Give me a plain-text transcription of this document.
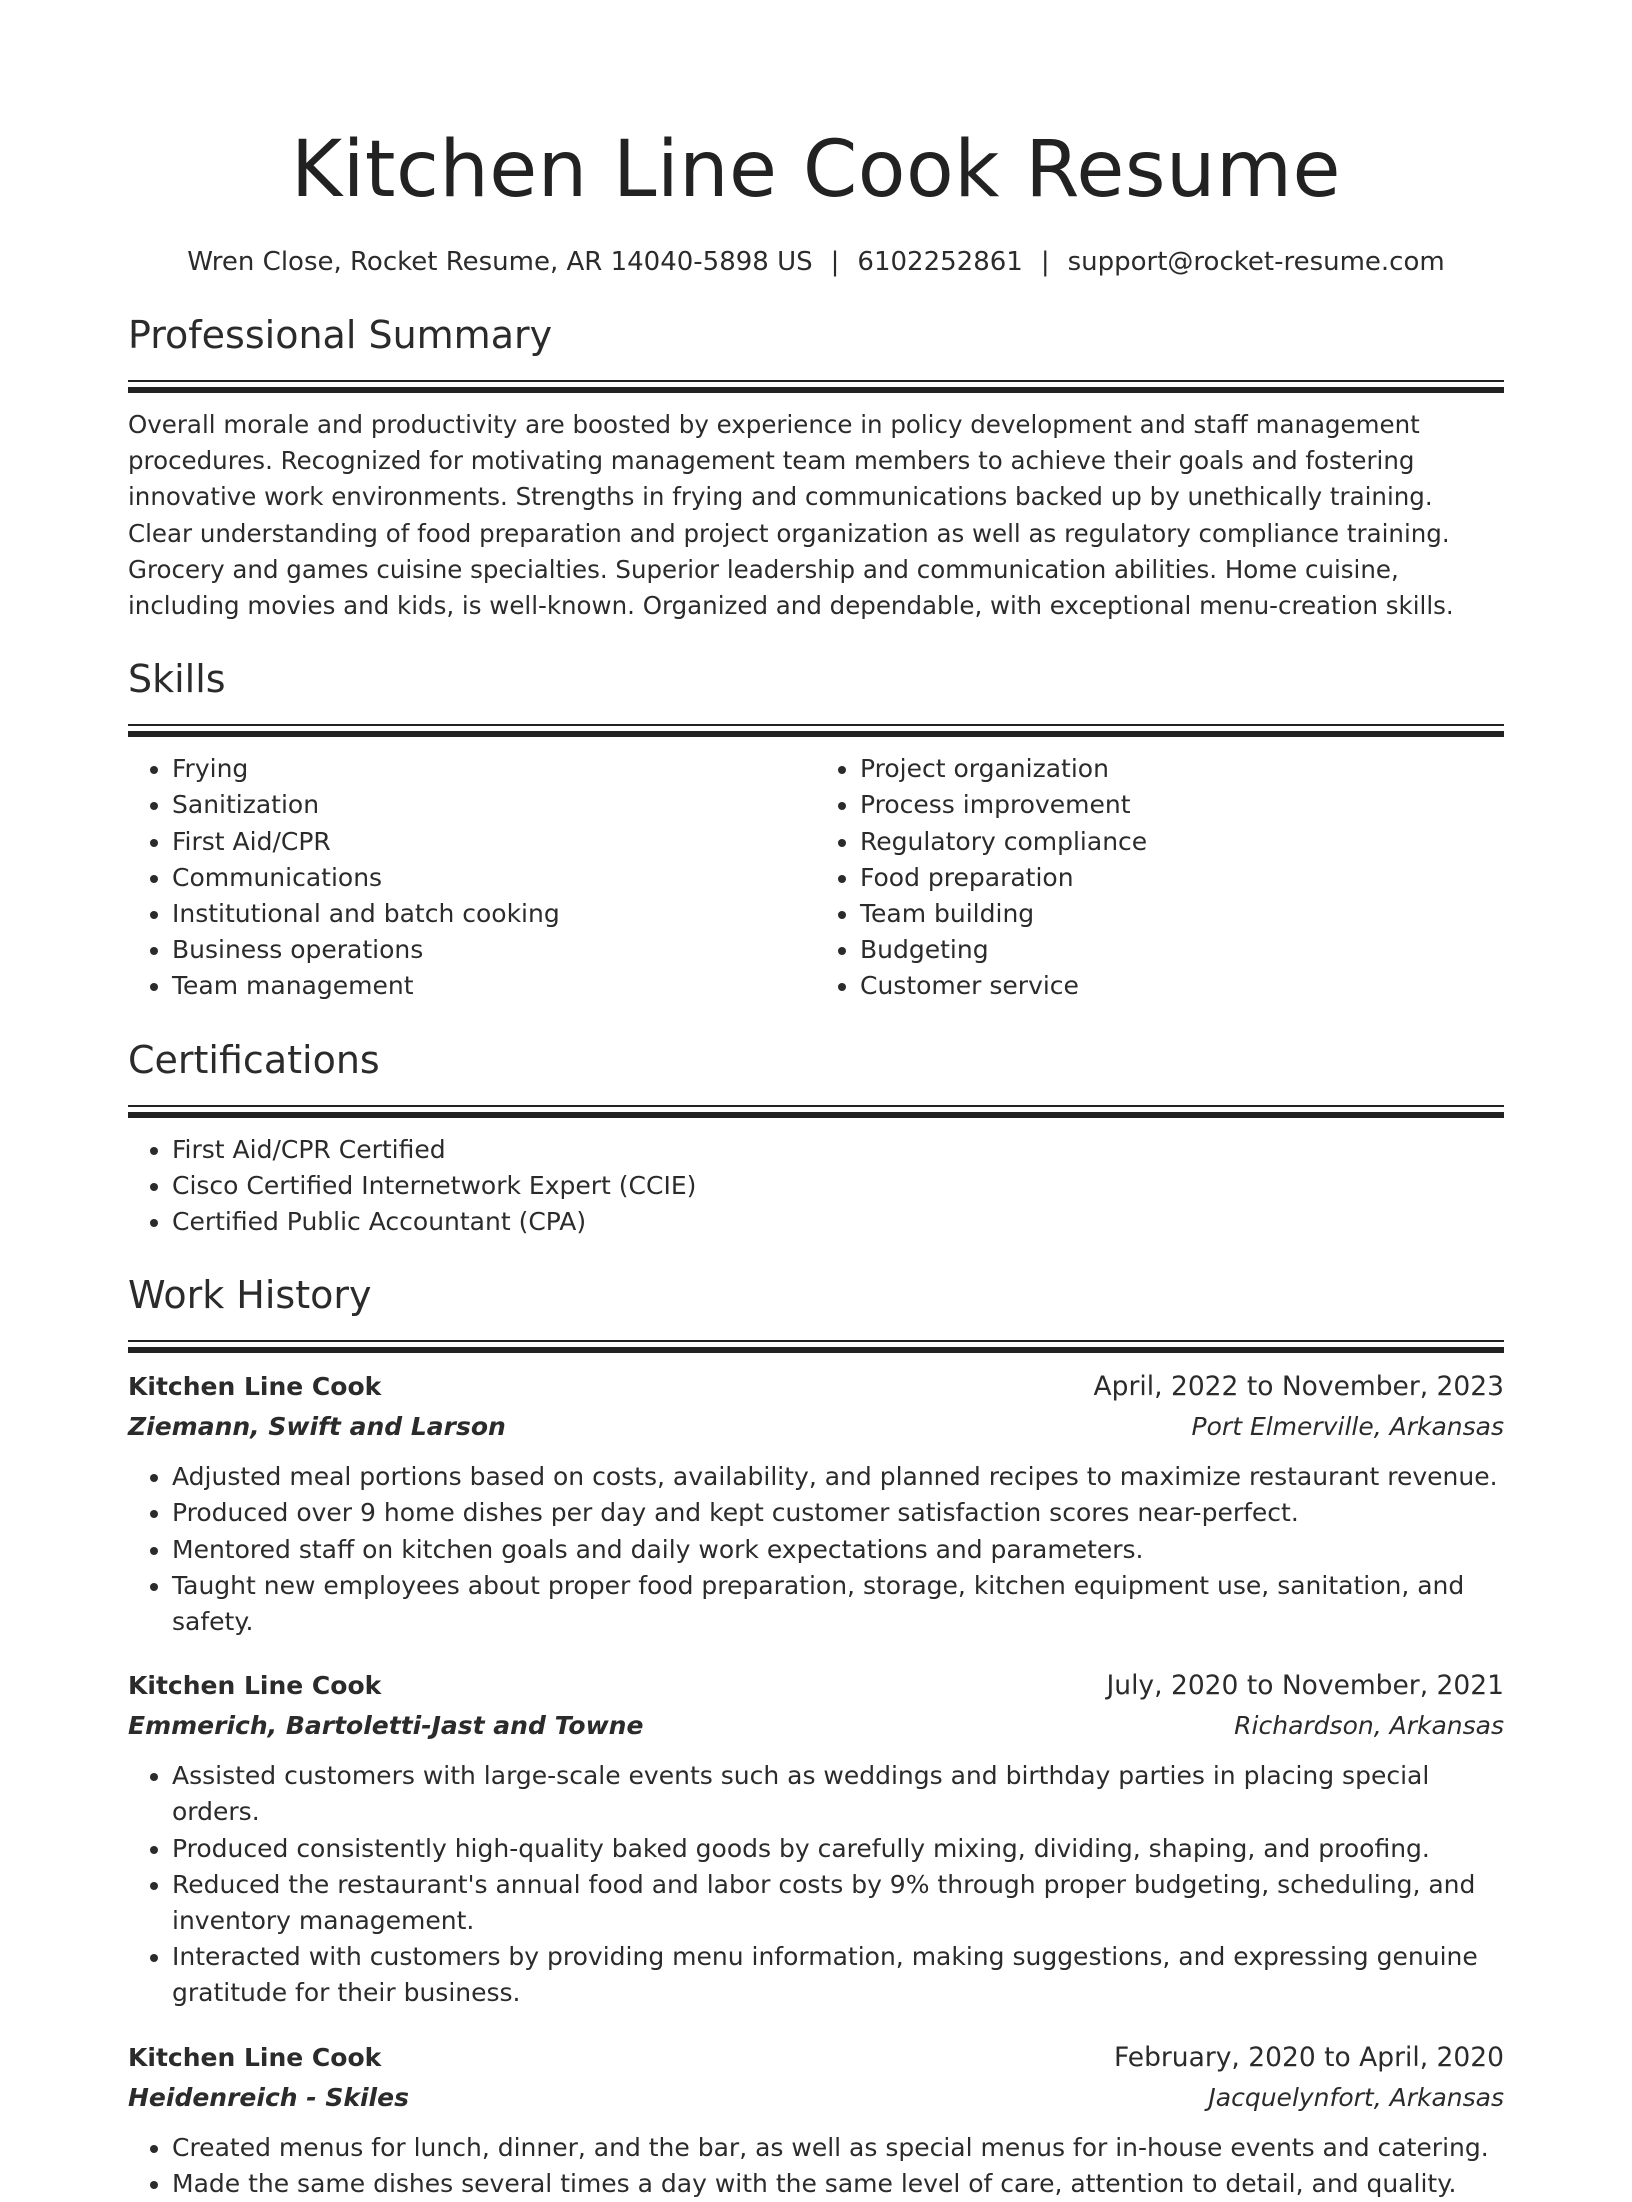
Kitchen Line Cook Resume
Wren Close, Rocket Resume, AR 14040-5898 US | 6102252861 | support@rocket-resume.com
Professional Summary

Overall morale and productivity are boosted by experience in policy development and staff management procedures. Recognized for motivating management team members to achieve their goals and fostering innovative work environments. Strengths in frying and communications backed up by unethically training. Clear understanding of food preparation and project organization as well as regulatory compliance training. Grocery and games cuisine specialties. Superior leadership and communication abilities. Home cuisine, including movies and kids, is well-known. Organized and dependable, with exceptional menu-creation skills.

Skills
• Frying
• Sanitization
• First Aid/CPR
• Communications
• Institutional and batch cooking
• Business operations
• Team management
• Project organization
• Process improvement
• Regulatory compliance
• Food preparation
• Team building
• Budgeting
• Customer service
Certifications
• First Aid/CPR Certified
• Cisco Certified Internetwork Expert (CCIE)
• Certified Public Accountant (CPA)
Work History
Kitchen Line Cook	April, 2022 to November, 2023
Ziemann, Swift and Larson	Port Elmerville, Arkansas
• Adjusted meal portions based on costs, availability, and planned recipes to maximize restaurant revenue.
• Produced over 9 home dishes per day and kept customer satisfaction scores near-perfect.
• Mentored staff on kitchen goals and daily work expectations and parameters.
• Taught new employees about proper food preparation, storage, kitchen equipment use, sanitation, and safety.
Kitchen Line Cook	July, 2020 to November, 2021
Emmerich, Bartoletti-Jast and Towne	Richardson, Arkansas
• Assisted customers with large-scale events such as weddings and birthday parties in placing special orders.
• Produced consistently high-quality baked goods by carefully mixing, dividing, shaping, and proofing.
• Reduced the restaurant's annual food and labor costs by 9% through proper budgeting, scheduling, and inventory management.
• Interacted with customers by providing menu information, making suggestions, and expressing genuine gratitude for their business.
Kitchen Line Cook	February, 2020 to April, 2020
Heidenreich - Skiles	Jacquelynfort, Arkansas
• Created menus for lunch, dinner, and the bar, as well as special menus for in-house events and catering.
• Made the same dishes several times a day with the same level of care, attention to detail, and quality.
